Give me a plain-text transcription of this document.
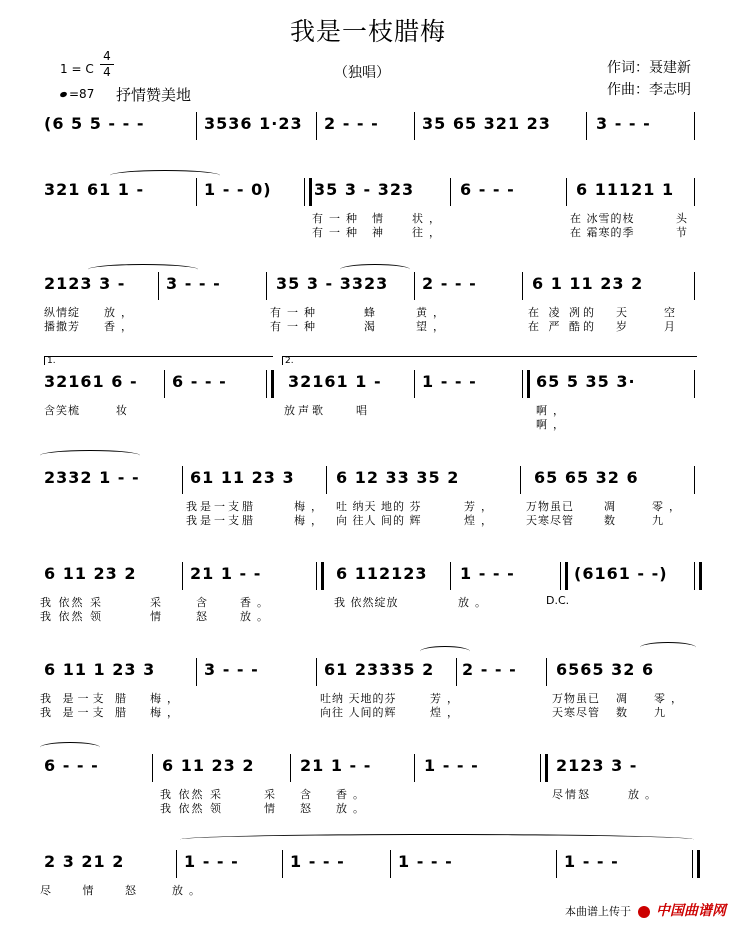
我是一枝腊梅
1 = C
4
4
=87 抒情赞美地
（独唱）	作词：聂建新
作曲：李志明
(6 5 5 - - -	3536 1·23 2 - - -	35 65 321 23	3 - - -
321 61 1 -	1 - - 0)	35 3 - 323	6 - - -	6 11121 1
有一种 情 状，	在 冰雪的枝	头
有一种 神 往，	在 霜寒的季	节
2123 3 -	3 - - -	35 3 - 3323 2 - - -	6 1 11 23 2
纵情绽 放，	有一种	蜂	黄，	在 凌 冽的 天	空
播撒芳 香，	有一种	渴	望，	在 严 酷的 岁	月
1.	2.
32161 6 - 6 - - -	32161 1 -	1 - - -	65 5 35 3·
含笑梳	妆	放声歌	唱	啊，
啊，
2332 1 - -	61 11 23 3	6 12 33 35 2	65 65 32 6
我是一支腊	梅， 吐 纳天 地的 芬	芳，	万物虽已	凋	零，
我是一支腊	梅， 向 往人 间的 辉	煌，	天寒尽管	数	九
6 11 23 2	21 1 - -	6 112123 1 - - -	(6161 - -)
我 依然 采	采	含 香。	我 依然绽放	放。	D.C.
我 依然 领	情	怒 放。
6 11 1 23 3	3 - - -	61 23335 2 2 - - - 6565 32 6
我 是一支 腊 梅，	吐纳 天地的芬	芳，	万物虽已 凋 零，
我 是一支 腊 梅，	向往 人间的辉	煌，	天寒尽管 数 九
6 - - -	6 11 23 2	21 1 - -	1 - - -	2123 3 -
我 依然 采	采 含 香。	尽情怒	放。
我 依然 领	情 怒 放。
2 3 21 2	1 - - -	1 - - -	1 - - -	1 - - -
尽 情 怒 放。
本曲谱上传于 中国曲谱网
